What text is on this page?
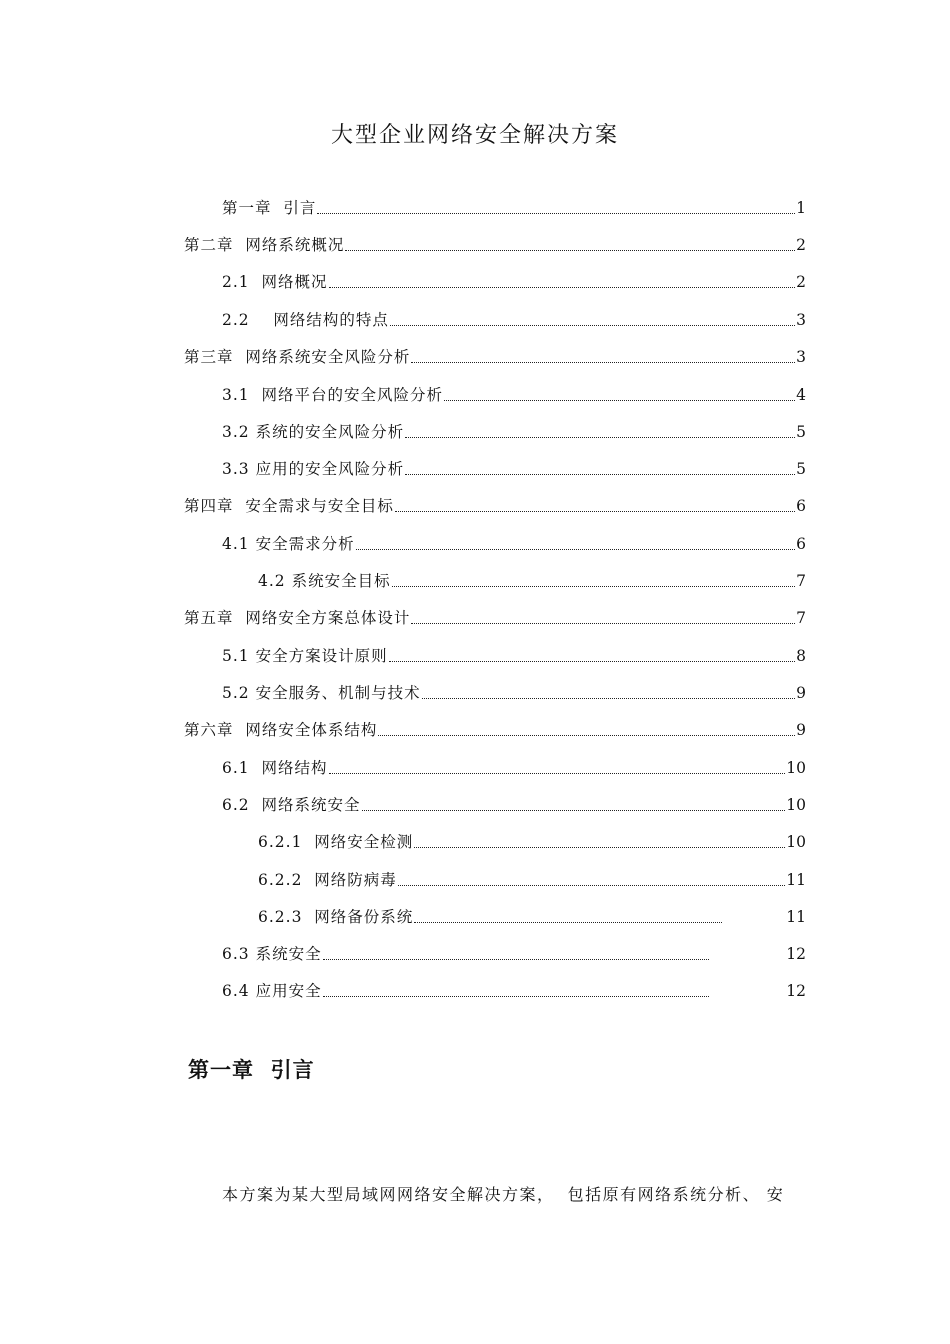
大型企业网络安全解决方案
第一章  引言	1
第二章  网络系统概况	2
2.1  网络概况	2
2.2    网络结构的特点	3
第三章  网络系统安全风险分析	3
3.1  网络平台的安全风险分析	4
3.2 系统的安全风险分析	5
3.3 应用的安全风险分析	5
第四章  安全需求与安全目标	6
4.1 安全需求分析	6
4.2 系统安全目标	7
第五章  网络安全方案总体设计	7
5.1 安全方案设计原则	8
5.2 安全服务、机制与技术	9
第六章  网络安全体系结构	9
6.1  网络结构	10
6.2  网络系统安全	10
6.2.1  网络安全检测	10
6.2.2  网络防病毒	11
6.2.3  网络备份系统	11
6.3 系统安全	12
6.4 应用安全	12
第一章  引言
本方案为某大型局域网网络安全解决方案，  包括原有网络系统分析、 安
